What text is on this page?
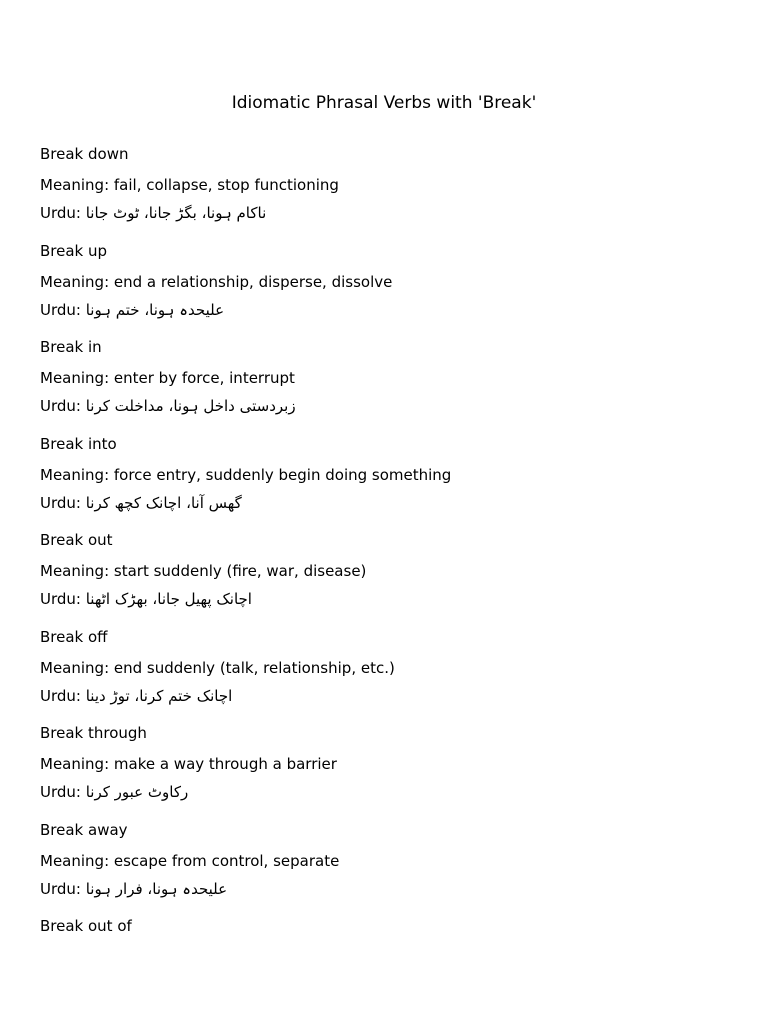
Idiomatic Phrasal Verbs with 'Break'
Break down
Meaning: fail, collapse, stop functioning
Urdu: ناکام ہونا، بگڑ جانا، ٹوٹ جانا
Break up
Meaning: end a relationship, disperse, dissolve
Urdu: علیحدہ ہونا، ختم ہونا
Break in
Meaning: enter by force, interrupt
Urdu: زبردستی داخل ہونا، مداخلت کرنا
Break into
Meaning: force entry, suddenly begin doing something
Urdu: گھس آنا، اچانک کچھ کرنا
Break out
Meaning: start suddenly (fire, war, disease)
Urdu: اچانک پھیل جانا، بھڑک اٹھنا
Break off
Meaning: end suddenly (talk, relationship, etc.)
Urdu: اچانک ختم کرنا، توڑ دینا
Break through
Meaning: make a way through a barrier
Urdu: رکاوٹ عبور کرنا
Break away
Meaning: escape from control, separate
Urdu: علیحدہ ہونا، فرار ہونا
Break out of
